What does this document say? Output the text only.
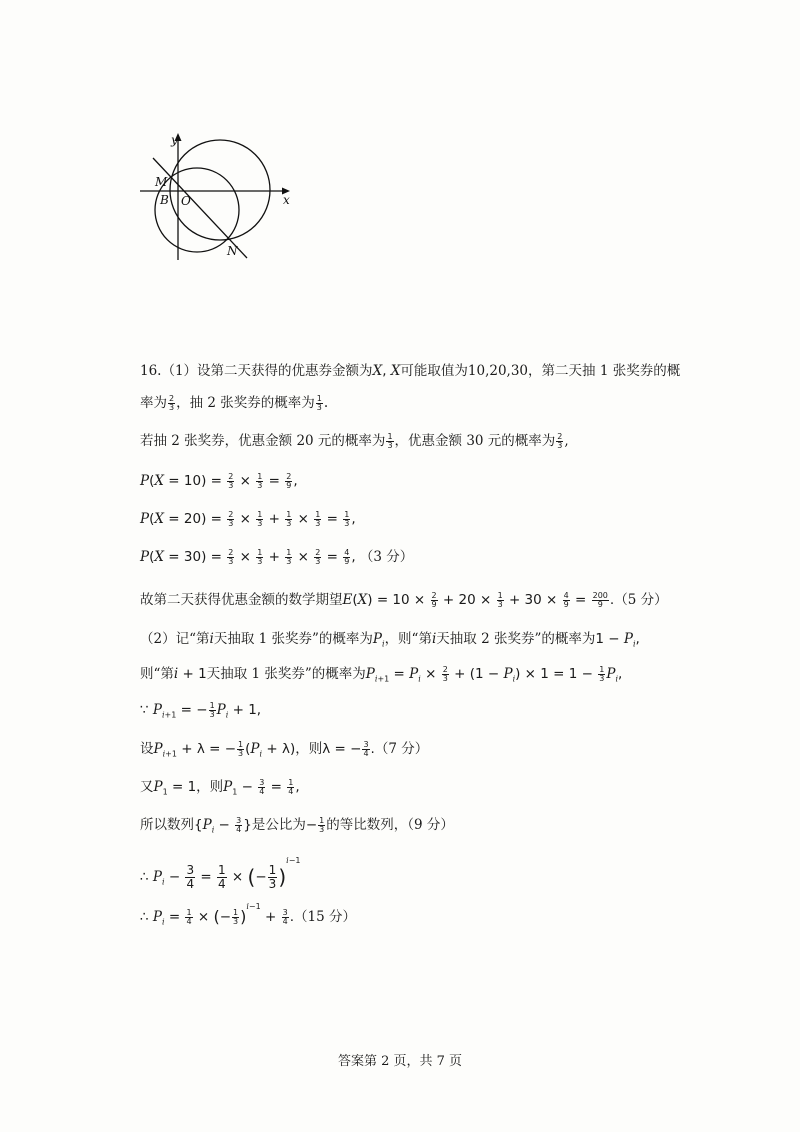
y
x
M
B O
N
16.（1）设第二天获得的优惠券金额为X, X可能取值为10,20,30，第二天抽 1 张奖券的概
率为 $\frac{2}{3}$ ，抽 2 张奖券的概率为 $\frac{1}{3}$ .
若抽 2 张奖券，优惠金额 20 元的概率为 $\frac{1}{3}$ ，优惠金额 30 元的概率为 $\frac{2}{3}$ ,
$P(X = 10) = \frac{2}{3} \times \frac{1}{3} = \frac{2}{9}$ ,
$P(X = 20) = \frac{2}{3} \times \frac{1}{3} + \frac{1}{3} \times \frac{1}{3} = \frac{1}{3}$ ,
$P(X = 30) = \frac{2}{3} \times \frac{1}{3} + \frac{1}{3} \times \frac{2}{3} = \frac{4}{9}$ , （3 分）
故第二天获得优惠金额的数学期望$E(X) = 10 \times \frac{2}{9} + 20 \times \frac{1}{3} + 30 \times \frac{4}{9} = \frac{200}{9} .(5$ 分）
（2）记“第i天抽取 1 张奖券”的概率为$P_i$，则“第i天抽取 2 张奖券”的概率为$1 - P_i$,
则“第i + 1天抽取 1 张奖券”的概率为$P_{i+1} = P_i \times \frac{2}{3} + (1 - P_i) \times 1 = 1 - \frac{1}{3} P_i$,
∵ $P_{i+1}$ = − $\frac{1}{3} P_i + 1$,
设$P_{i+1} + \lambda$ = − $\frac{1}{3} (P_i + \lambda)$，则λ = − $\frac{3}{4} .(7$ 分）
又$P_1 = 1$，则$P_1 - \frac{3}{4} = \frac{1}{4}$ ,
所以数列{$P_i - \frac{3}{4}$ }是公比为− $\frac{1}{3}$ 的等比数列，（9 分）
∴ $P_i - \frac{3}{4} = \frac{1}{4}$ × (− $\frac{1}{3} )^{i-1}$
∴ $P_i = \frac{1}{4}$ × (− $\frac{1}{3} )^{i-1} + \frac{3}{4} .(15$ 分）
答案第 2 页，共 7 页
